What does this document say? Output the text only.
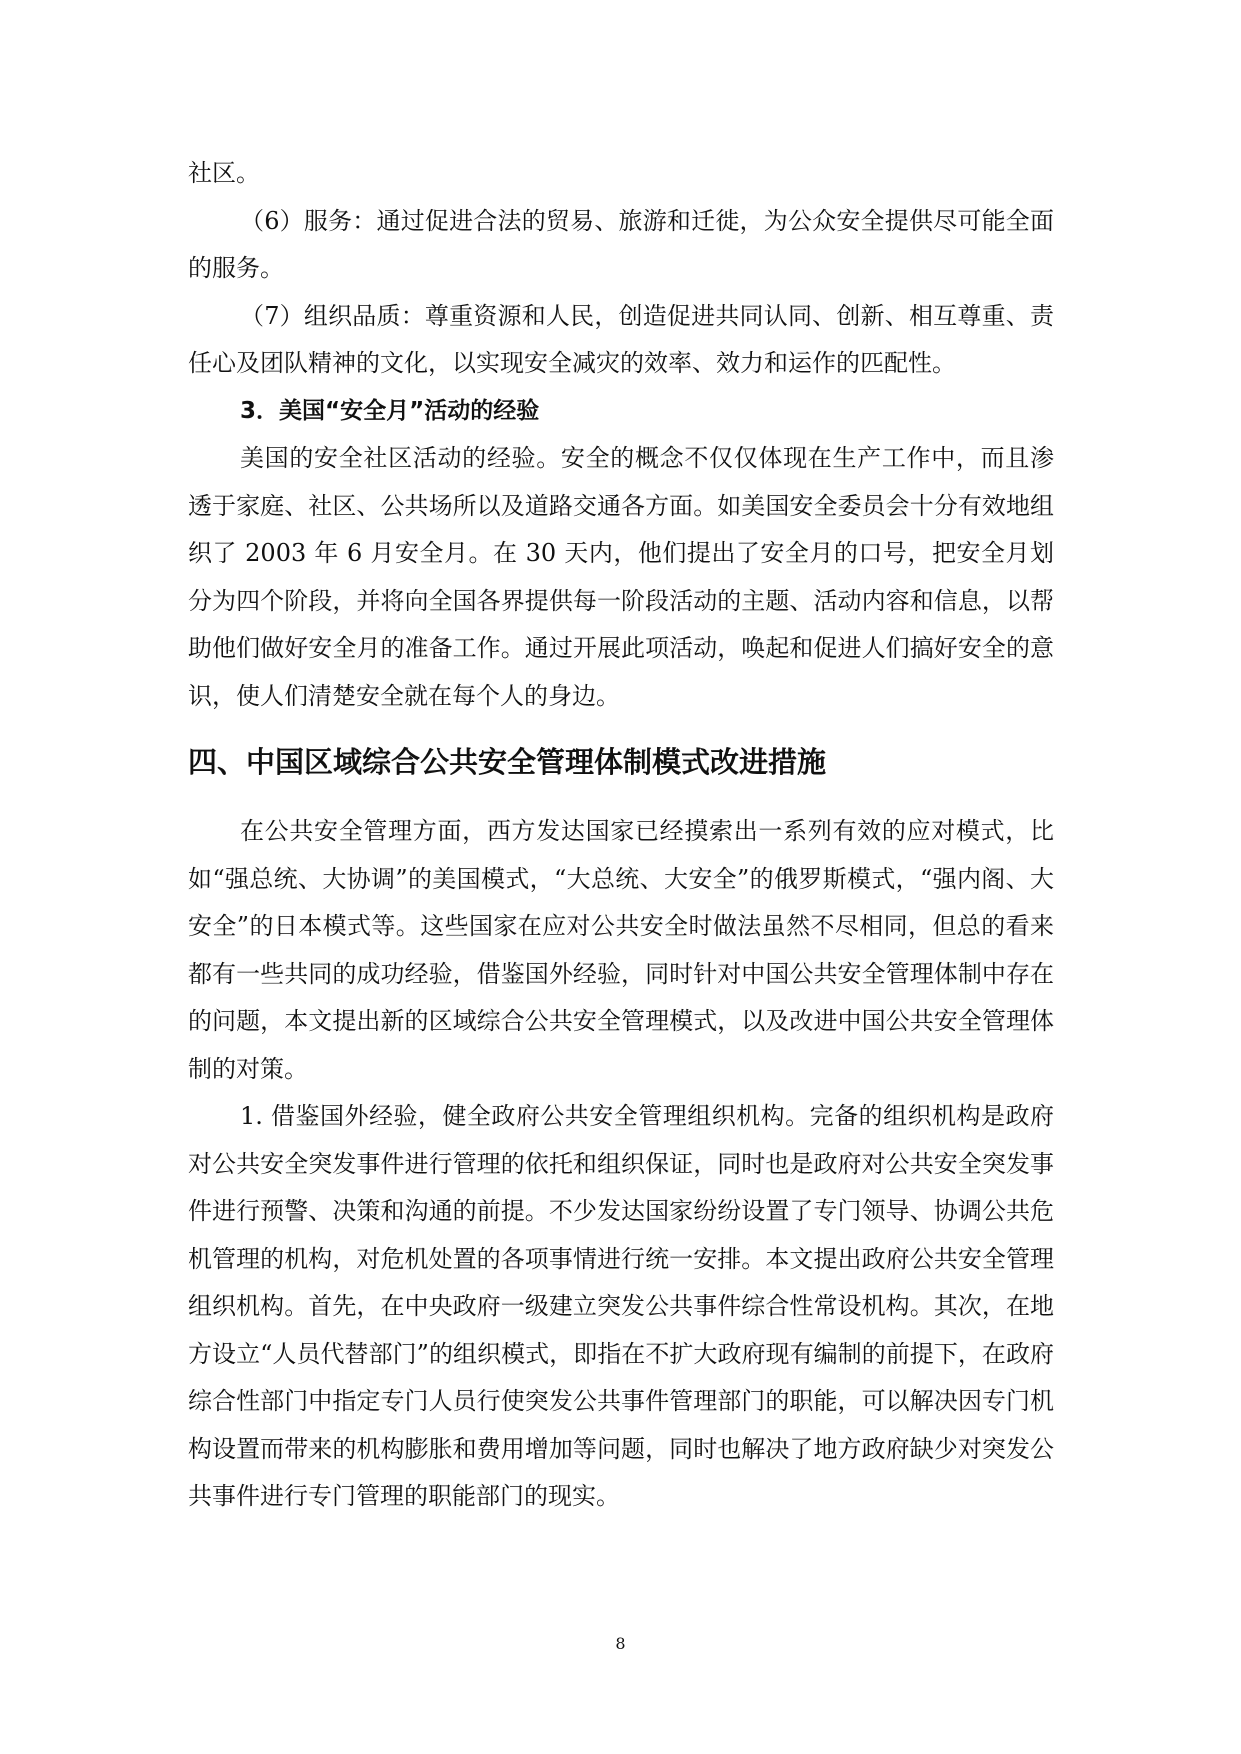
社区。

（6）服务：通过促进合法的贸易、旅游和迁徙，为公众安全提供尽可能全面的服务。

（7）组织品质：尊重资源和人民，创造促进共同认同、创新、相互尊重、责任心及团队精神的文化，以实现安全减灾的效率、效力和运作的匹配性。

3．美国“安全月”活动的经验

美国的安全社区活动的经验。安全的概念不仅仅体现在生产工作中，而且渗透于家庭、社区、公共场所以及道路交通各方面。如美国安全委员会十分有效地组织了 2003 年 6 月安全月。在 30 天内，他们提出了安全月的口号，把安全月划分为四个阶段，并将向全国各界提供每一阶段活动的主题、活动内容和信息，以帮助他们做好安全月的准备工作。通过开展此项活动，唤起和促进人们搞好安全的意识，使人们清楚安全就在每个人的身边。

四、中国区域综合公共安全管理体制模式改进措施

在公共安全管理方面，西方发达国家已经摸索出一系列有效的应对模式，比如“强总统、大协调”的美国模式，“大总统、大安全”的俄罗斯模式，“强内阁、大安全”的日本模式等。这些国家在应对公共安全时做法虽然不尽相同，但总的看来都有一些共同的成功经验，借鉴国外经验，同时针对中国公共安全管理体制中存在的问题，本文提出新的区域综合公共安全管理模式，以及改进中国公共安全管理体制的对策。

1. 借鉴国外经验，健全政府公共安全管理组织机构。完备的组织机构是政府对公共安全突发事件进行管理的依托和组织保证，同时也是政府对公共安全突发事件进行预警、决策和沟通的前提。不少发达国家纷纷设置了专门领导、协调公共危机管理的机构，对危机处置的各项事情进行统一安排。本文提出政府公共安全管理组织机构。首先，在中央政府一级建立突发公共事件综合性常设机构。其次，在地方设立“人员代替部门”的组织模式，即指在不扩大政府现有编制的前提下，在政府综合性部门中指定专门人员行使突发公共事件管理部门的职能，可以解决因专门机构设置而带来的机构膨胀和费用增加等问题，同时也解决了地方政府缺少对突发公共事件进行专门管理的职能部门的现实。

8
